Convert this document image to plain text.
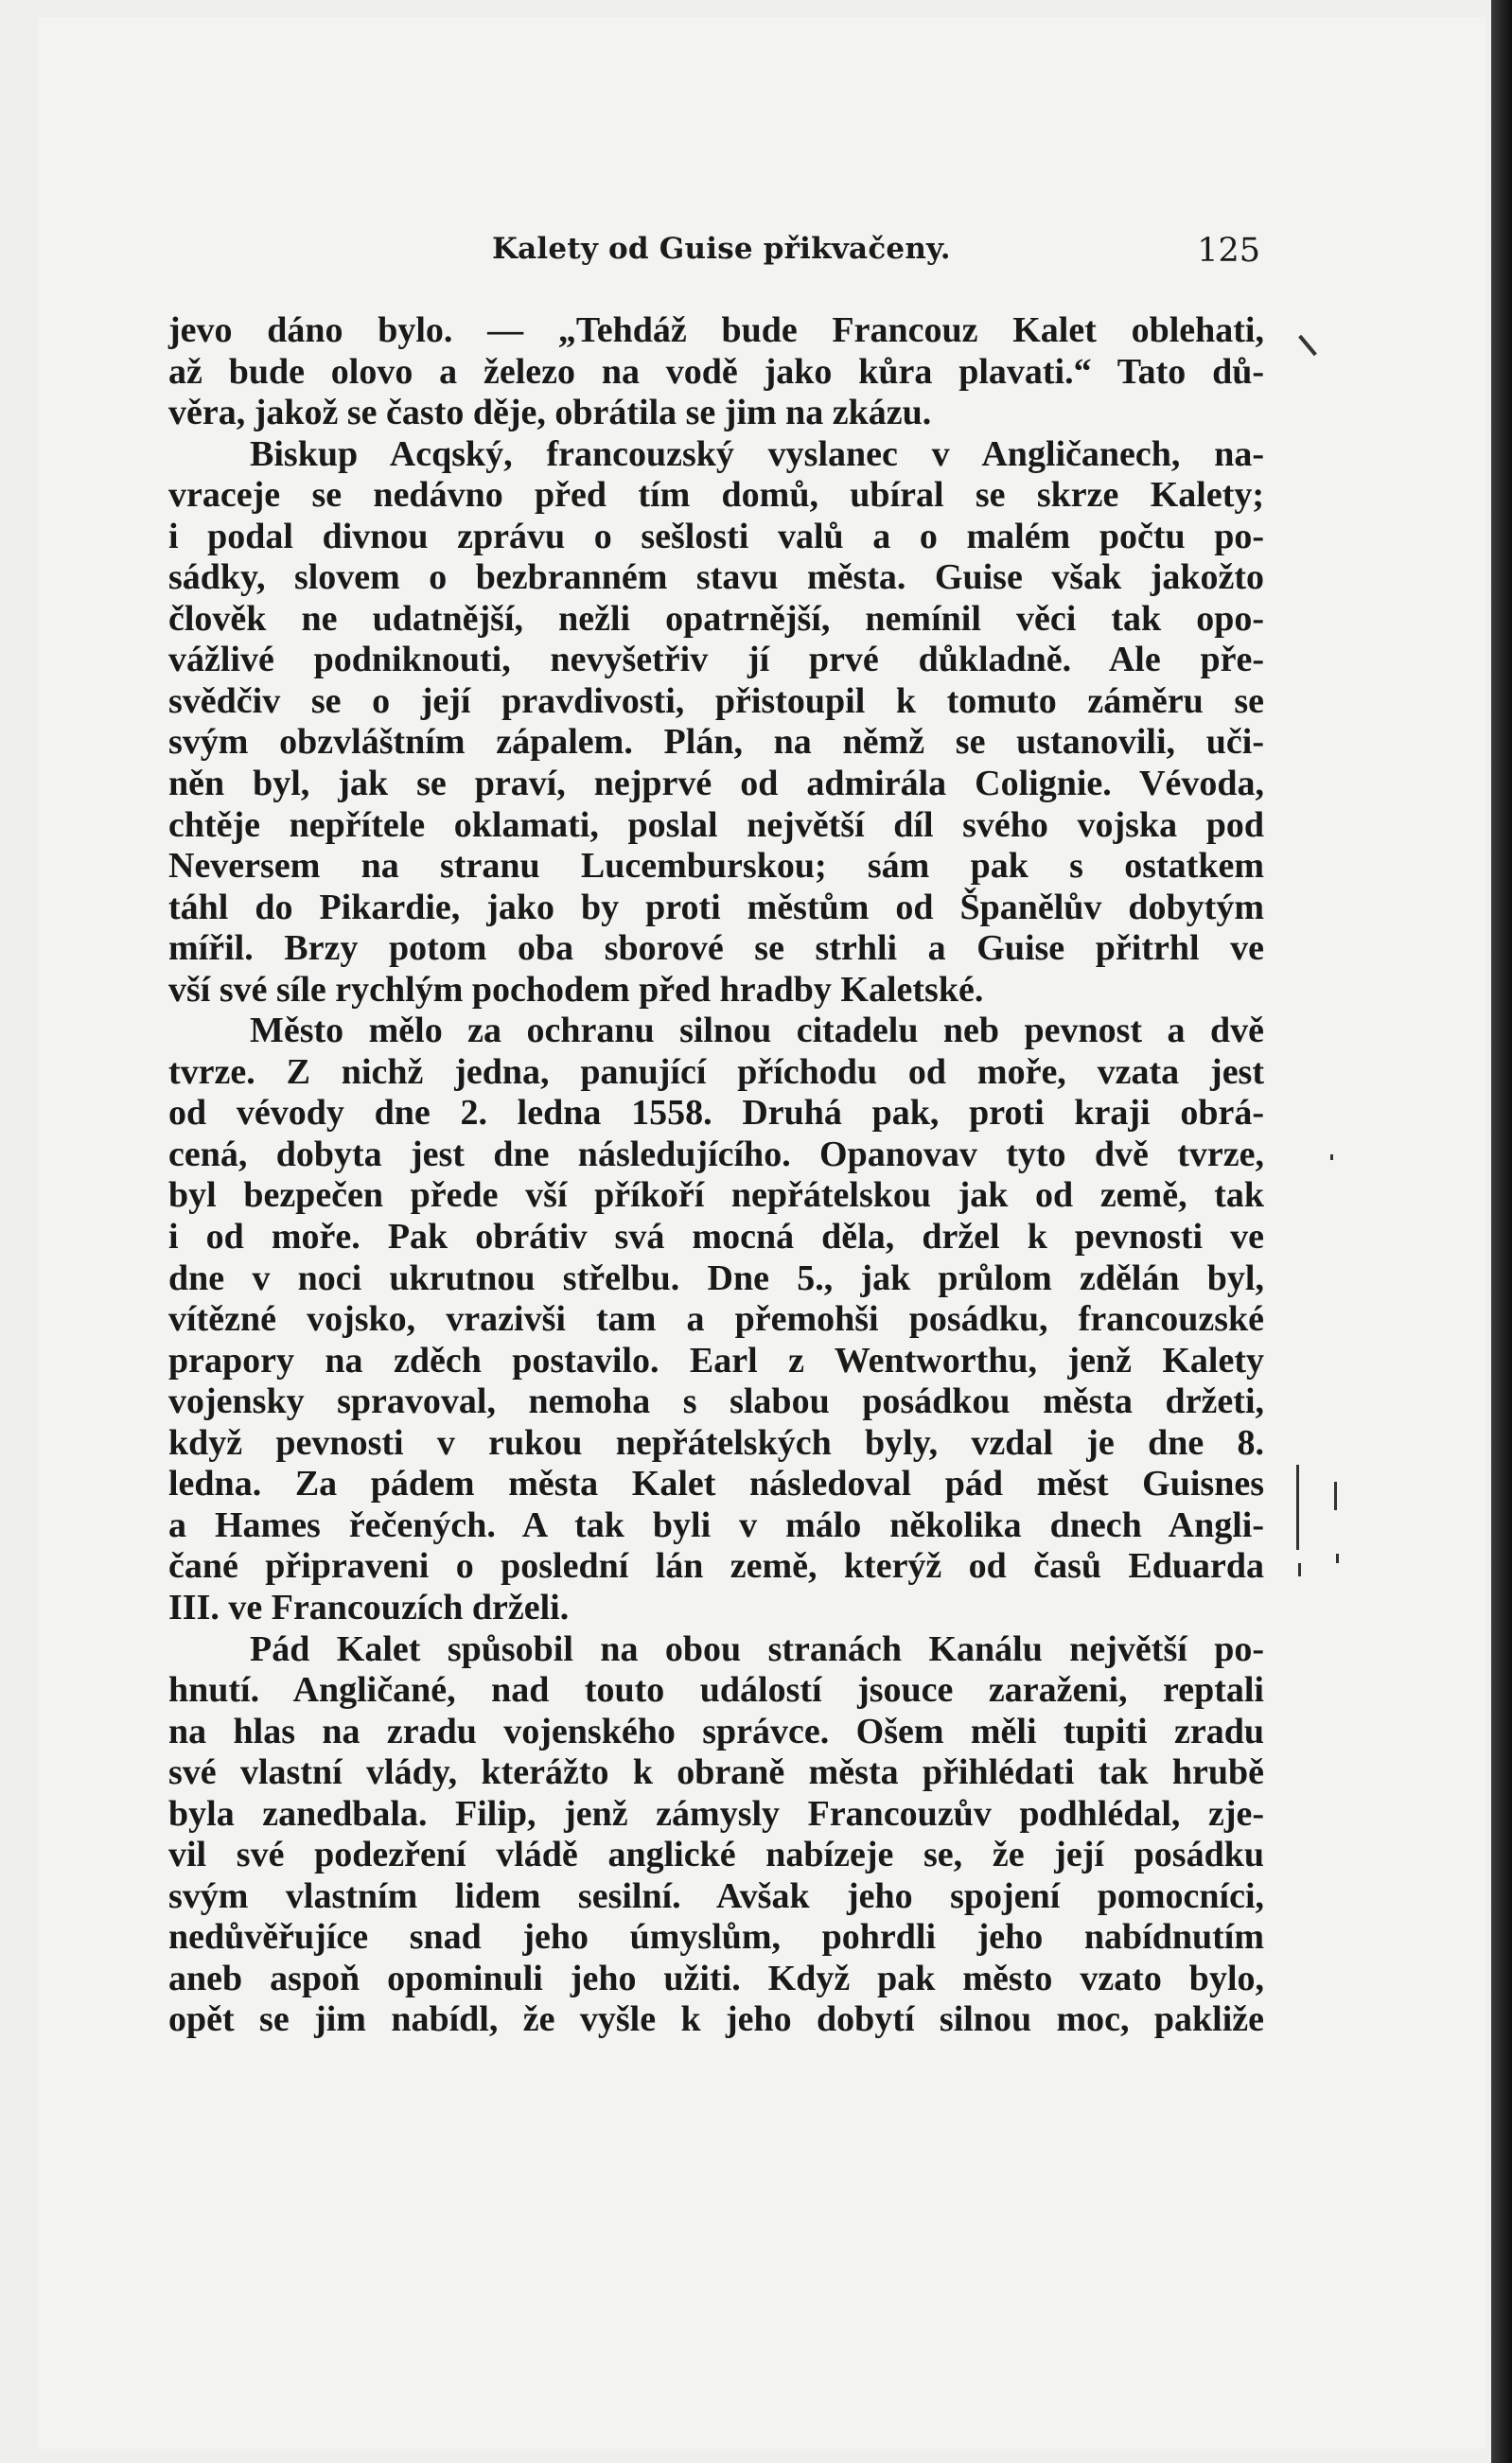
Kalety od Guise přikvačeny.	125
jevo dáno bylo. — „Tehdáž bude Francouz Kalet oblehati,
až bude olovo a železo na vodě jako kůra plavati.“ Tato dů-
věra, jakož se často děje, obrátila se jim na zkázu.
Biskup Acqský, francouzský vyslanec v Angličanech, na-
vraceje se nedávno před tím domů, ubíral se skrze Kalety;
i podal divnou zprávu o sešlosti valů a o malém počtu po-
sádky, slovem o bezbranném stavu města. Guise však jakožto
člověk ne udatnější, nežli opatrnější, nemínil věci tak opo-
vážlivé podniknouti, nevyšetřiv jí prvé důkladně. Ale pře-
svědčiv se o její pravdivosti, přistoupil k tomuto záměru se
svým obzvláštním zápalem. Plán, na němž se ustanovili, uči-
něn byl, jak se praví, nejprvé od admirála Colignie. Vévoda,
chtěje nepřítele oklamati, poslal největší díl svého vojska pod
Neversem na stranu Lucemburskou; sám pak s ostatkem
táhl do Pikardie, jako by proti městům od Španělův dobytým
mířil. Brzy potom oba sborové se strhli a Guise přitrhl ve
vší své síle rychlým pochodem před hradby Kaletské.
Město mělo za ochranu silnou citadelu neb pevnost a dvě
tvrze. Z nichž jedna, panující příchodu od moře, vzata jest
od vévody dne 2. ledna 1558. Druhá pak, proti kraji obrá-
cená, dobyta jest dne následujícího. Opanovav tyto dvě tvrze,
byl bezpečen přede vší příkoří nepřátelskou jak od země, tak
i od moře. Pak obrátiv svá mocná děla, držel k pevnosti ve
dne v noci ukrutnou střelbu. Dne 5., jak průlom zdělán byl,
vítězné vojsko, vrazivši tam a přemohši posádku, francouzské
prapory na zděch postavilo. Earl z Wentworthu, jenž Kalety
vojensky spravoval, nemoha s slabou posádkou města držeti,
když pevnosti v rukou nepřátelských byly, vzdal je dne 8.
ledna. Za pádem města Kalet následoval pád měst Guisnes
a Hames řečených. A tak byli v málo několika dnech Angli-
čané připraveni o poslední lán země, kterýž od časů Eduarda
III. ve Francouzích drželi.
Pád Kalet spůsobil na obou stranách Kanálu největší po-
hnutí. Angličané, nad touto událostí jsouce zaraženi, reptali
na hlas na zradu vojenského správce. Ošem měli tupiti zradu
své vlastní vlády, kterážto k obraně města přihlédati tak hrubě
byla zanedbala. Filip, jenž zámysly Francouzův podhlédal, zje-
vil své podezření vládě anglické nabízeje se, že její posádku
svým vlastním lidem sesilní. Avšak jeho spojení pomocníci,
nedůvěřujíce snad jeho úmyslům, pohrdli jeho nabídnutím
aneb aspoň opominuli jeho užiti. Když pak město vzato bylo,
opět se jim nabídl, že vyšle k jeho dobytí silnou moc, pakliže
